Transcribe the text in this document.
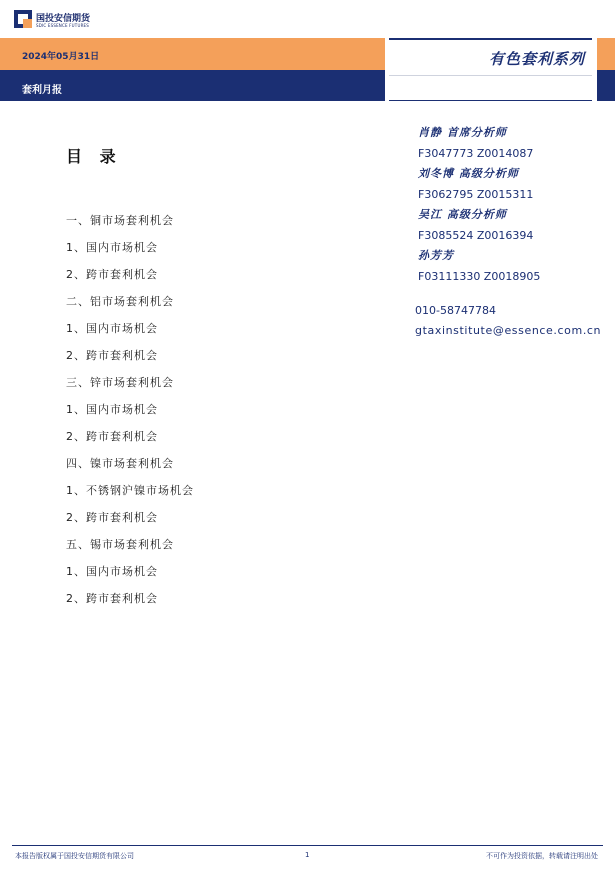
国投安信期货
SDIC ESSENCE FUTURES
2024年05月31日
套利月报
有色套利系列
目 录
一、铜市场套利机会
1、国内市场机会
2、跨市套利机会
二、铝市场套利机会
1、国内市场机会
2、跨市套利机会
三、锌市场套利机会
1、国内市场机会
2、跨市套利机会
四、镍市场套利机会
1、不锈钢沪镍市场机会
2、跨市套利机会
五、锡市场套利机会
1、国内市场机会
2、跨市套利机会
肖静 首席分析师
F3047773 Z0014087
刘冬博 高级分析师
F3062795 Z0015311
吴江 高级分析师
F3085524 Z0016394
孙芳芳
F03111330 Z0018905
010-58747784
gtaxinstitute@essence.com.cn
本报告版权属于国投安信期货有限公司	1	不可作为投资依据，转载请注明出处
